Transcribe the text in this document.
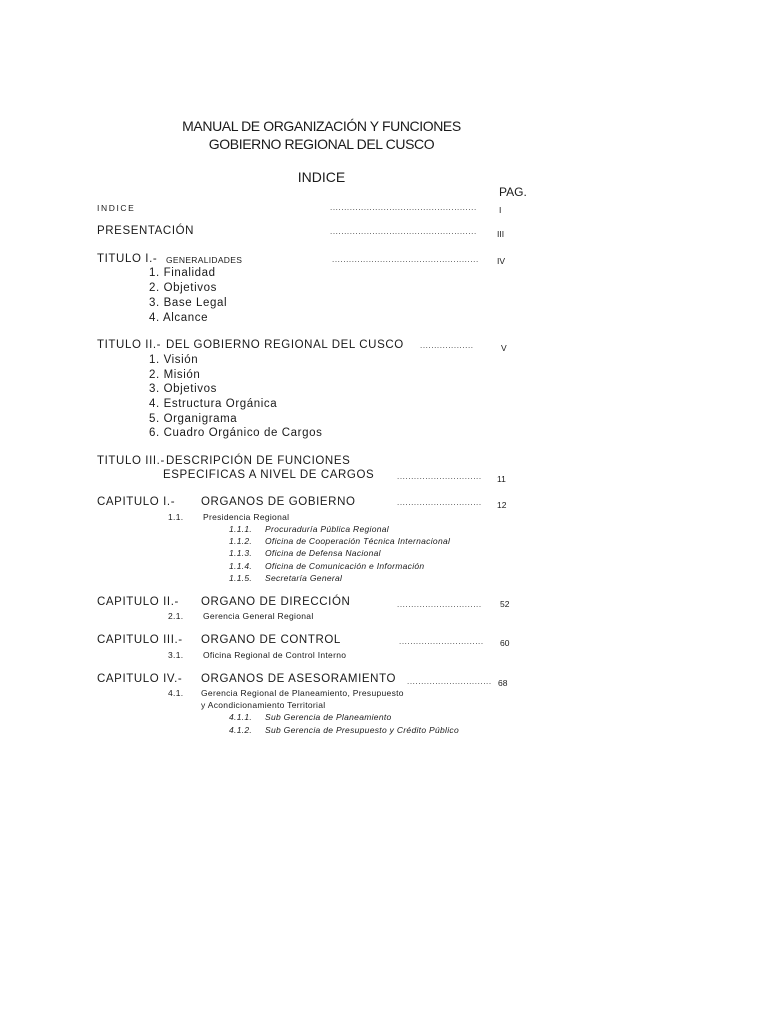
MANUAL DE ORGANIZACIÓN Y FUNCIONES
GOBIERNO REGIONAL DEL CUSCO
INDICE
PAG.
INDICE	....................................................	I
PRESENTACIÓN	.................................................... III
TITULO I.- GENERALIDADES	.................................................... IV
1. Finalidad
2. Objetivos
3. Base Legal
4. Alcance
TITULO II.- DEL GOBIERNO REGIONAL DEL CUSCO ...................	V
1. Visión
2. Misión
3. Objetivos
4. Estructura Orgánica
5. Organigrama
6. Cuadro Orgánico de Cargos
TITULO III.- DESCRIPCIÓN DE FUNCIONES
ESPECIFICAS A NIVEL DE CARGOS	.............................. 11
CAPITULO I.- ORGANOS DE GOBIERNO	.............................. 12
1.1. Presidencia Regional
1.1.1. Procuraduría Pública Regional
1.1.2. Oficina de Cooperación Técnica Internacional
1.1.3. Oficina de Defensa Nacional
1.1.4. Oficina de Comunicación e Información
1.1.5. Secretaría General
CAPITULO II.- ORGANO DE DIRECCIÓN	.............................. 52
2.1. Gerencia General Regional
CAPITULO III.- ORGANO DE CONTROL	.............................. 60
3.1. Oficina Regional de Control Interno
CAPITULO IV.- ORGANOS DE ASESORAMIENTO .............................. 68
4.1. Gerencia Regional de Planeamiento, Presupuesto
y Acondicionamiento Territorial
4.1.1. Sub Gerencia de Planeamiento
4.1.2. Sub Gerencia de Presupuesto y Crédito Público
